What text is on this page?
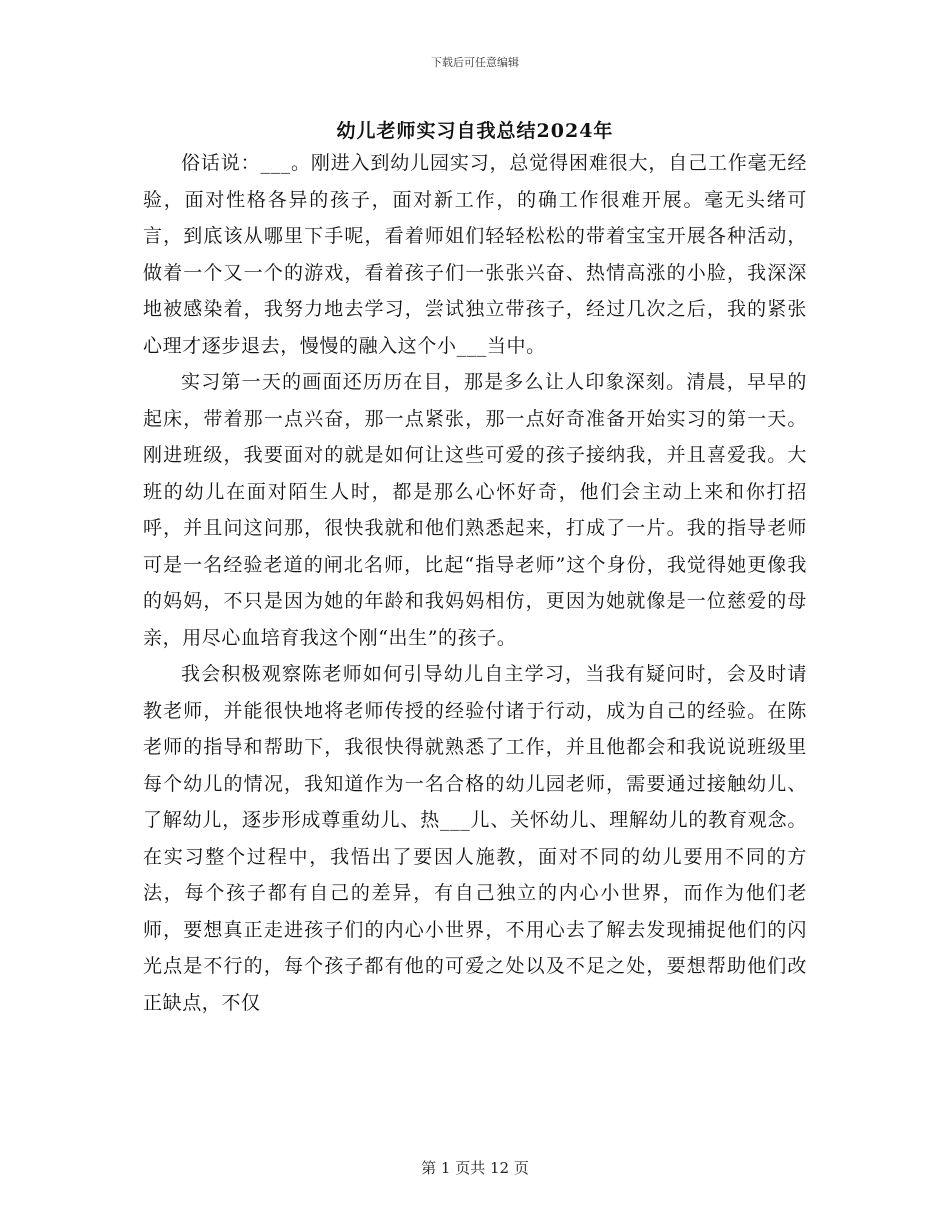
下载后可任意编辑
幼儿老师实习自我总结2024年

俗话说：___。刚进入到幼儿园实习，总觉得困难很大，自己工作毫无经验，面对性格各异的孩子，面对新工作，的确工作很难开展。毫无头绪可言，到底该从哪里下手呢，看着师姐们轻轻松松的带着宝宝开展各种活动，做着一个又一个的游戏，看着孩子们一张张兴奋、热情高涨的小脸，我深深地被感染着，我努力地去学习，尝试独立带孩子，经过几次之后，我的紧张心理才逐步退去，慢慢的融入这个小___当中。

实习第一天的画面还历历在目，那是多么让人印象深刻。清晨，早早的起床，带着那一点兴奋，那一点紧张，那一点好奇准备开始实习的第一天。刚进班级，我要面对的就是如何让这些可爱的孩子接纳我，并且喜爱我。大班的幼儿在面对陌生人时，都是那么心怀好奇，他们会主动上来和你打招呼，并且问这问那，很快我就和他们熟悉起来，打成了一片。我的指导老师可是一名经验老道的闸北名师，比起“指导老师”这个身份，我觉得她更像我的妈妈，不只是因为她的年龄和我妈妈相仿，更因为她就像是一位慈爱的母亲，用尽心血培育我这个刚“出生”的孩子。

我会积极观察陈老师如何引导幼儿自主学习，当我有疑问时，会及时请教老师，并能很快地将老师传授的经验付诸于行动，成为自己的经验。在陈老师的指导和帮助下，我很快得就熟悉了工作，并且他都会和我说说班级里每个幼儿的情况，我知道作为一名合格的幼儿园老师，需要通过接触幼儿、了解幼儿，逐步形成尊重幼儿、热___儿、关怀幼儿、理解幼儿的教育观念。在实习整个过程中，我悟出了要因人施教，面对不同的幼儿要用不同的方法，每个孩子都有自己的差异，有自己独立的内心小世界，而作为他们老师，要想真正走进孩子们的内心小世界，不用心去了解去发现捕捉他们的闪光点是不行的，每个孩子都有他的可爱之处以及不足之处，要想帮助他们改正缺点，不仅

第 1 页共 12 页
